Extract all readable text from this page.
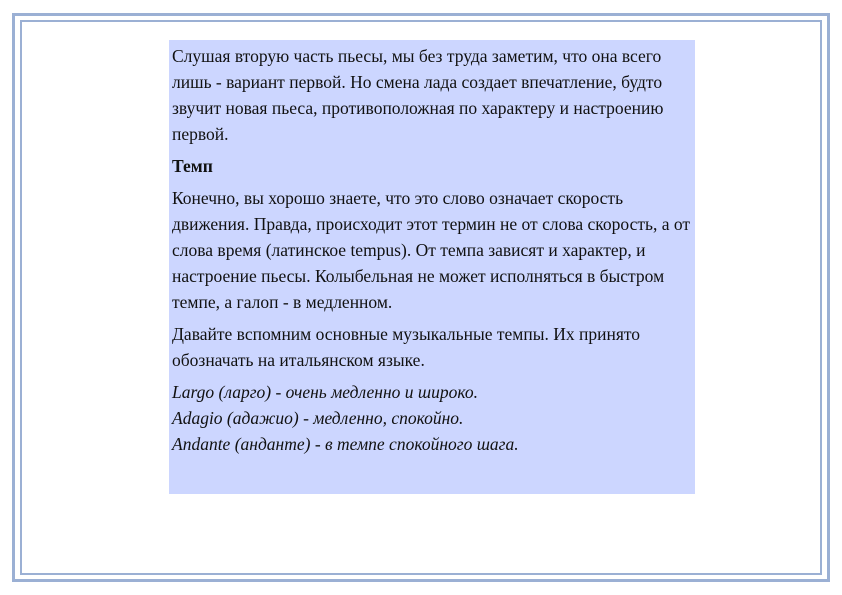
Слушая вторую часть пьесы, мы без труда заметим, что она всего лишь - вариант первой. Но смена лада создает впечатление, будто звучит новая пьеса, противоположная по характеру и настроению первой.

Темп

Конечно, вы хорошо знаете, что это слово означает скорость движения. Правда, происходит этот термин не от слова скорость, а от слова время (латинское tempus). От темпа зависят и характер, и настроение пьесы. Колыбельная не может исполняться в быстром темпе, а галоп - в медленном.

Давайте вспомним основные музыкальные темпы. Их принято обозначать на итальянском языке.

Largo (ларго) - очень медленно и широко.
Adagio (адажио) - медленно, спокойно.
Andante (анданте) - в темпе спокойного шага.
